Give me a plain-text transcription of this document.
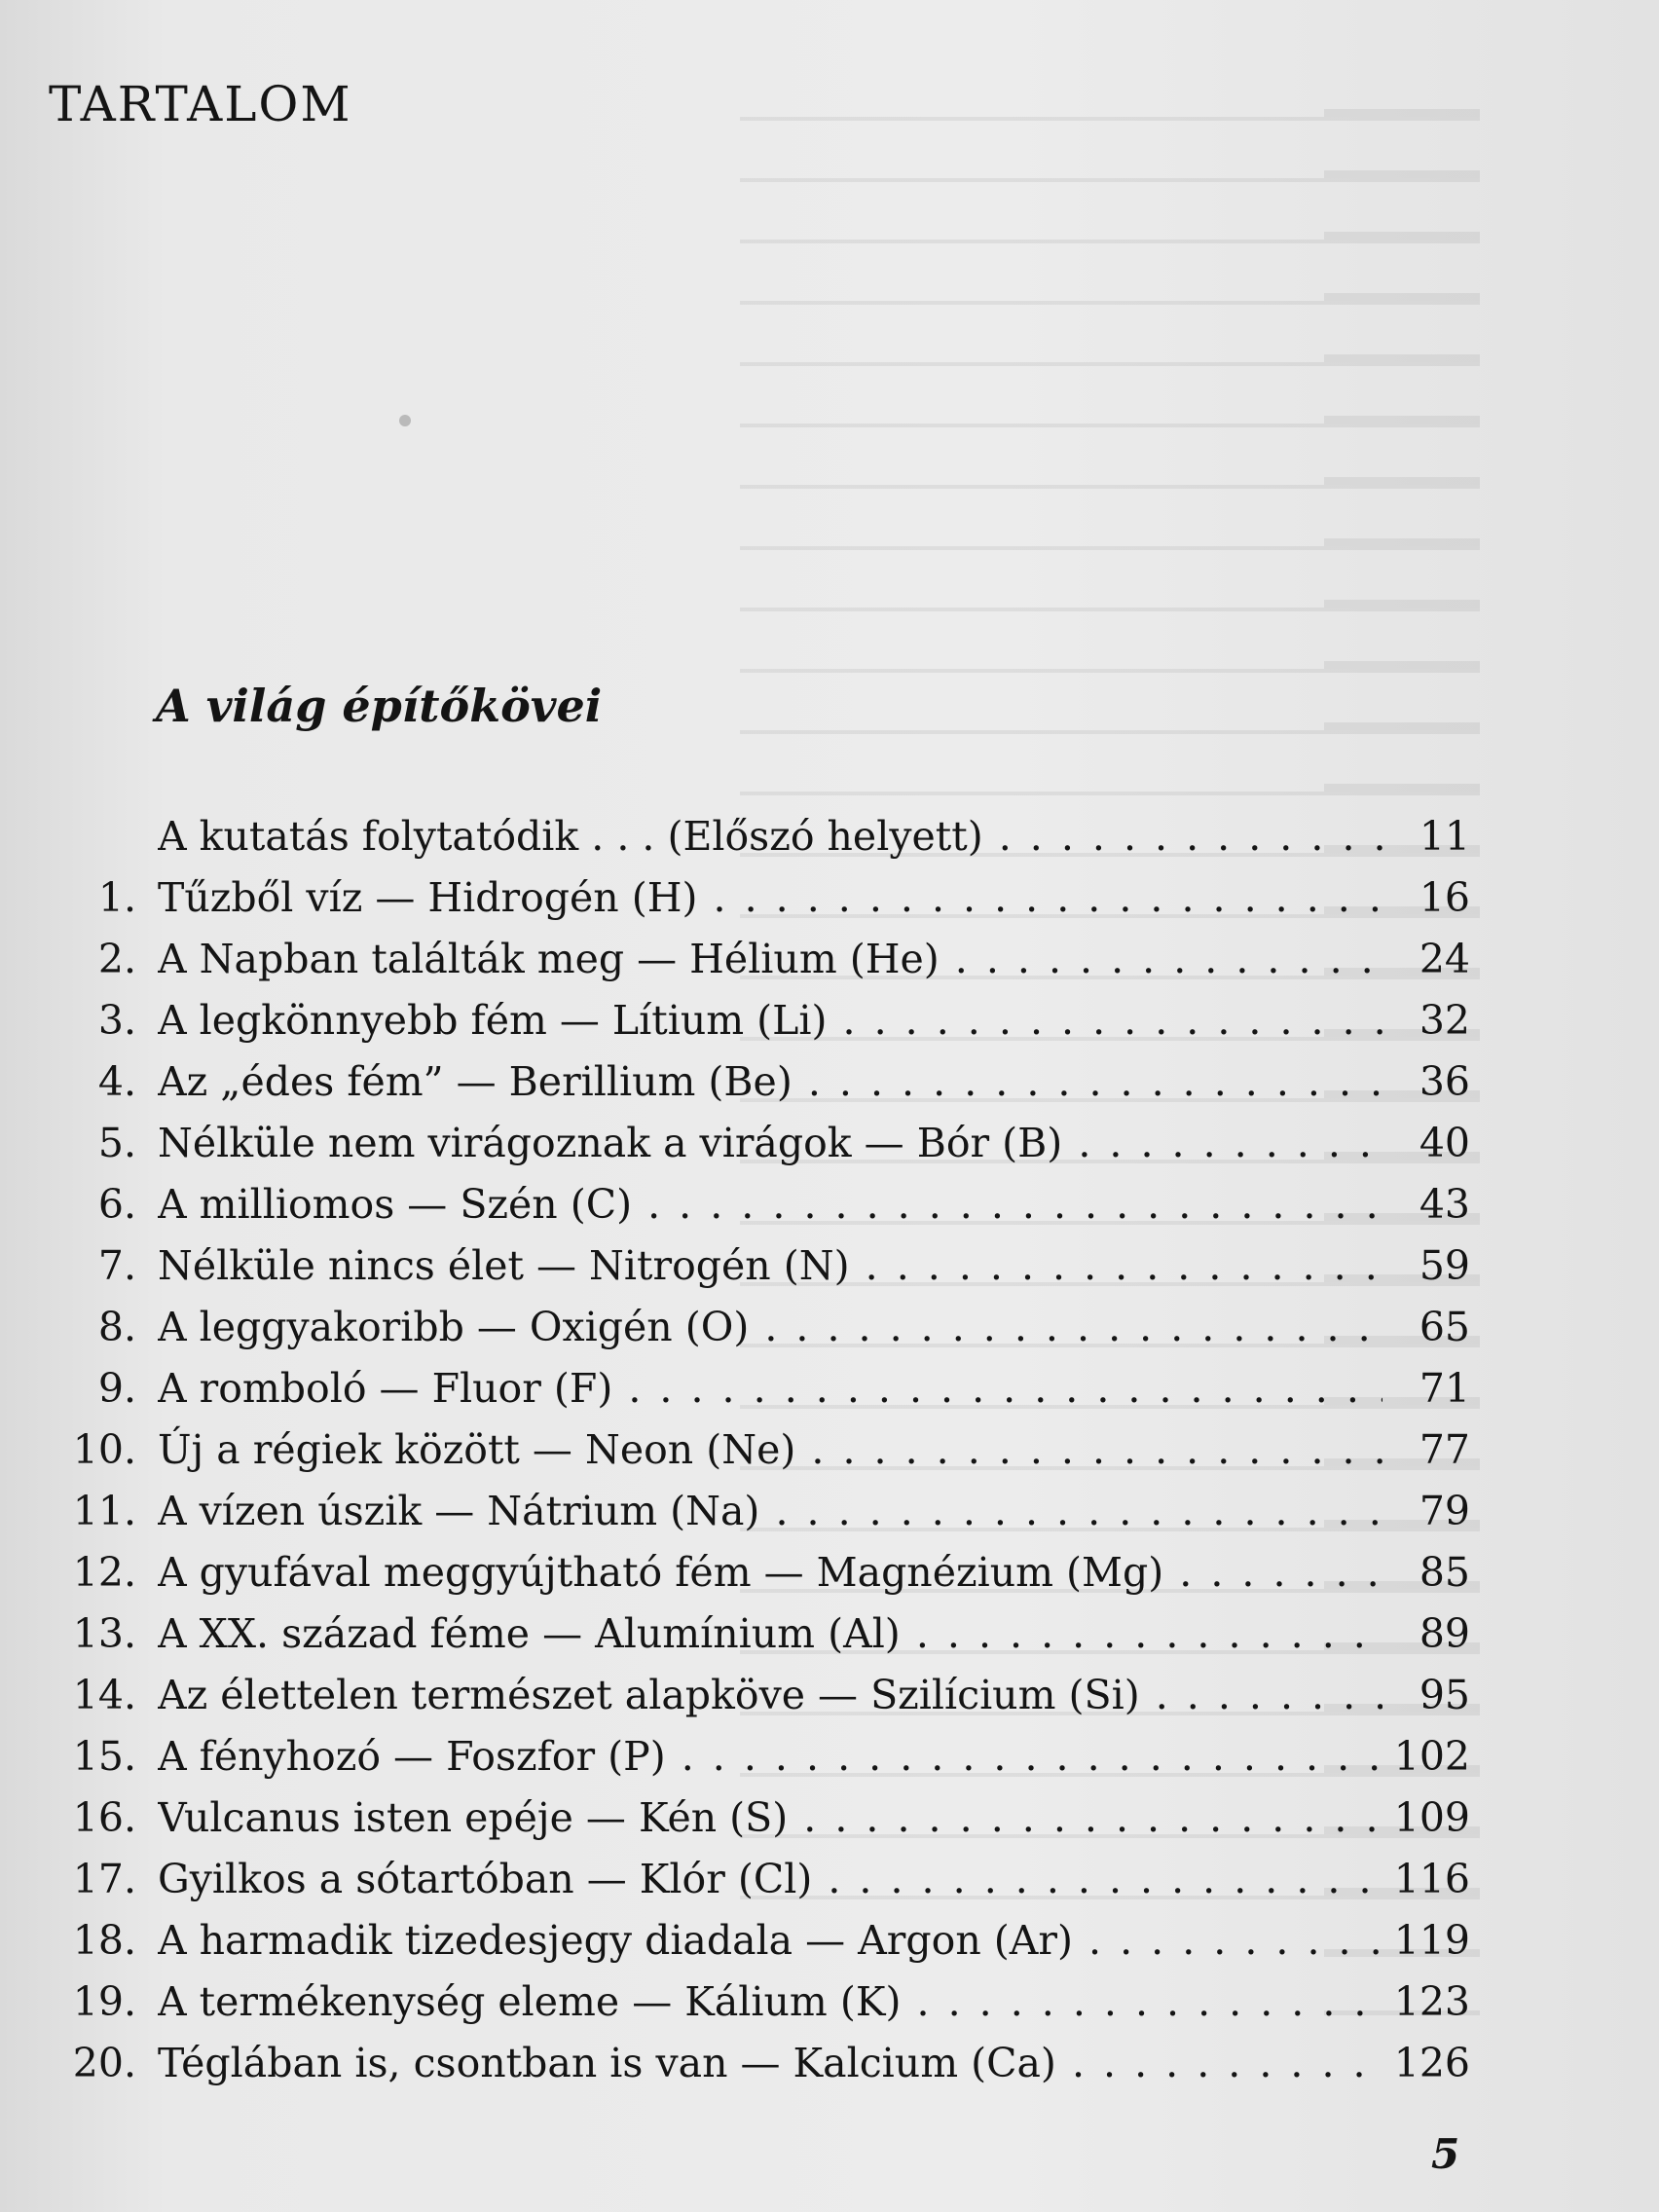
TARTALOM
A világ építőkövei
A kutatás folytatódik . . . (Előszó helyett) . . .	11
1. Tűzből víz — Hidrogén (H) . . .	16
2. A Napban találták meg — Hélium (He) . . .	24
3. A legkönnyebb fém — Lítium (Li) . . .	32
4. Az „édes fém” — Berillium (Be) . . .	36
5. Nélküle nem virágoznak a virágok — Bór (B) . . .	40
6. A milliomos — Szén (C) . . .	43
7. Nélküle nincs élet — Nitrogén (N) . . .	59
8. A leggyakoribb — Oxigén (O) . . .	65
9. A romboló — Fluor (F) . . .	71
10. Új a régiek között — Neon (Ne) . . .	77
11. A vízen úszik — Nátrium (Na) . . .	79
12. A gyufával meggyújtható fém — Magnézium (Mg) . . .	85
13. A XX. század féme — Alumínium (Al) . . .	89
14. Az élettelen természet alapköve — Szilícium (Si) . . .	95
15. A fényhozó — Foszfor (P) . . .	102
16. Vulcanus isten epéje — Kén (S) . . .	109
17. Gyilkos a sótartóban — Klór (Cl) . . .	116
18. A harmadik tizedesjegy diadala — Argon (Ar) . . .	119
19. A termékenység eleme — Kálium (K) . . .	123
20. Téglában is, csontban is van — Kalcium (Ca) . . .	126
5
